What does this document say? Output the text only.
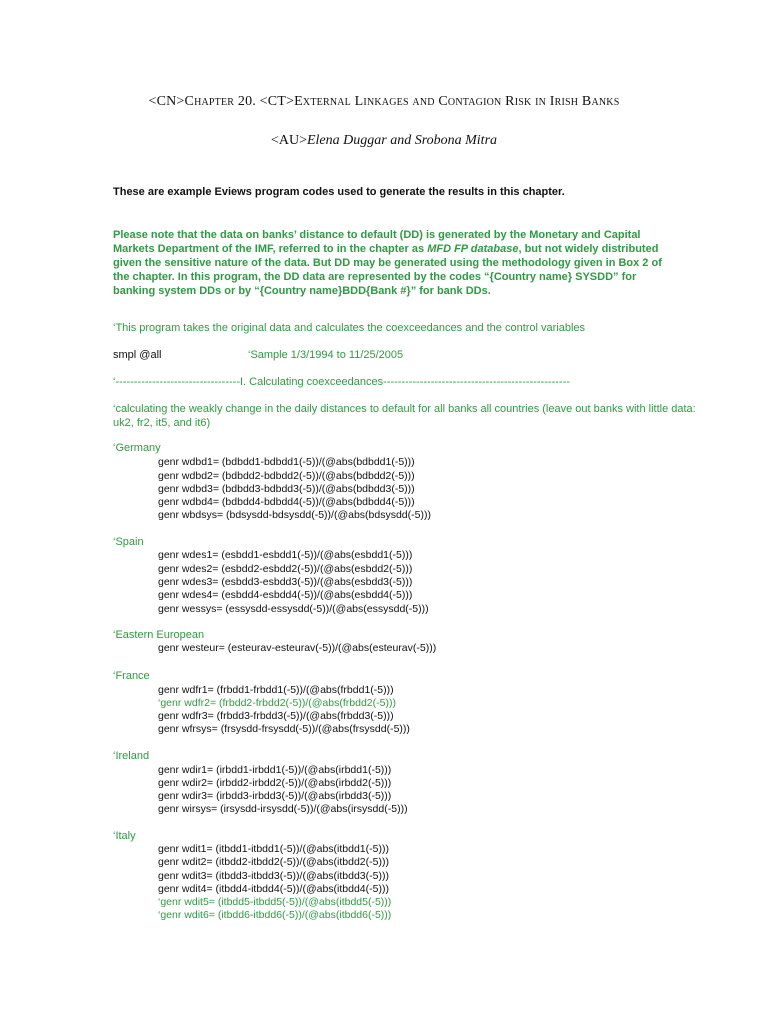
<CN>Chapter 20. <CT>External Linkages and Contagion Risk in Irish Banks
<AU>Elena Duggar and Srobona Mitra
These are example Eviews program codes used to generate the results in this chapter.
Please note that the data on banks’ distance to default (DD) is generated by the Monetary and Capital Markets Department of the IMF, referred to in the chapter as MFD FP database, but not widely distributed given the sensitive nature of the data. But DD may be generated using the methodology given in Box 2 of the chapter. In this program, the DD data are represented by the codes “{Country name} SYSDD” for banking system DDs or by “{Country name}BDD{Bank #}” for bank DDs.
‘This program takes the original data and calculates the coexceedances and the control variables
smpl @all	‘Sample 1/3/1994 to 11/25/2005
‘----------------------------------I. Calculating coexceedances---------------------------------------------------
‘calculating the weakly change in the daily distances to default for all banks all countries (leave out banks with little data: uk2, fr2, it5, and it6)
‘Germany
genr wdbd1= (bdbdd1-bdbdd1(-5))/(@abs(bdbdd1(-5)))
genr wdbd2= (bdbdd2-bdbdd2(-5))/(@abs(bdbdd2(-5)))
genr wdbd3= (bdbdd3-bdbdd3(-5))/(@abs(bdbdd3(-5)))
genr wdbd4= (bdbdd4-bdbdd4(-5))/(@abs(bdbdd4(-5)))
genr wbdsys= (bdsysdd-bdsysdd(-5))/(@abs(bdsysdd(-5)))
‘Spain
genr wdes1= (esbdd1-esbdd1(-5))/(@abs(esbdd1(-5)))
genr wdes2= (esbdd2-esbdd2(-5))/(@abs(esbdd2(-5)))
genr wdes3= (esbdd3-esbdd3(-5))/(@abs(esbdd3(-5)))
genr wdes4= (esbdd4-esbdd4(-5))/(@abs(esbdd4(-5)))
genr wessys= (essysdd-essysdd(-5))/(@abs(essysdd(-5)))
‘Eastern European
genr westeur= (esteurav-esteurav(-5))/(@abs(esteurav(-5)))
‘France
genr wdfr1= (frbdd1-frbdd1(-5))/(@abs(frbdd1(-5)))
‘genr wdfr2= (frbdd2-frbdd2(-5))/(@abs(frbdd2(-5)))
genr wdfr3= (frbdd3-frbdd3(-5))/(@abs(frbdd3(-5)))
genr wfrsys= (frsysdd-frsysdd(-5))/(@abs(frsysdd(-5)))
‘Ireland
genr wdir1= (irbdd1-irbdd1(-5))/(@abs(irbdd1(-5)))
genr wdir2= (irbdd2-irbdd2(-5))/(@abs(irbdd2(-5)))
genr wdir3= (irbdd3-irbdd3(-5))/(@abs(irbdd3(-5)))
genr wirsys= (irsysdd-irsysdd(-5))/(@abs(irsysdd(-5)))
‘Italy
genr wdit1= (itbdd1-itbdd1(-5))/(@abs(itbdd1(-5)))
genr wdit2= (itbdd2-itbdd2(-5))/(@abs(itbdd2(-5)))
genr wdit3= (itbdd3-itbdd3(-5))/(@abs(itbdd3(-5)))
genr wdit4= (itbdd4-itbdd4(-5))/(@abs(itbdd4(-5)))
‘genr wdit5= (itbdd5-itbdd5(-5))/(@abs(itbdd5(-5)))
‘genr wdit6= (itbdd6-itbdd6(-5))/(@abs(itbdd6(-5)))
